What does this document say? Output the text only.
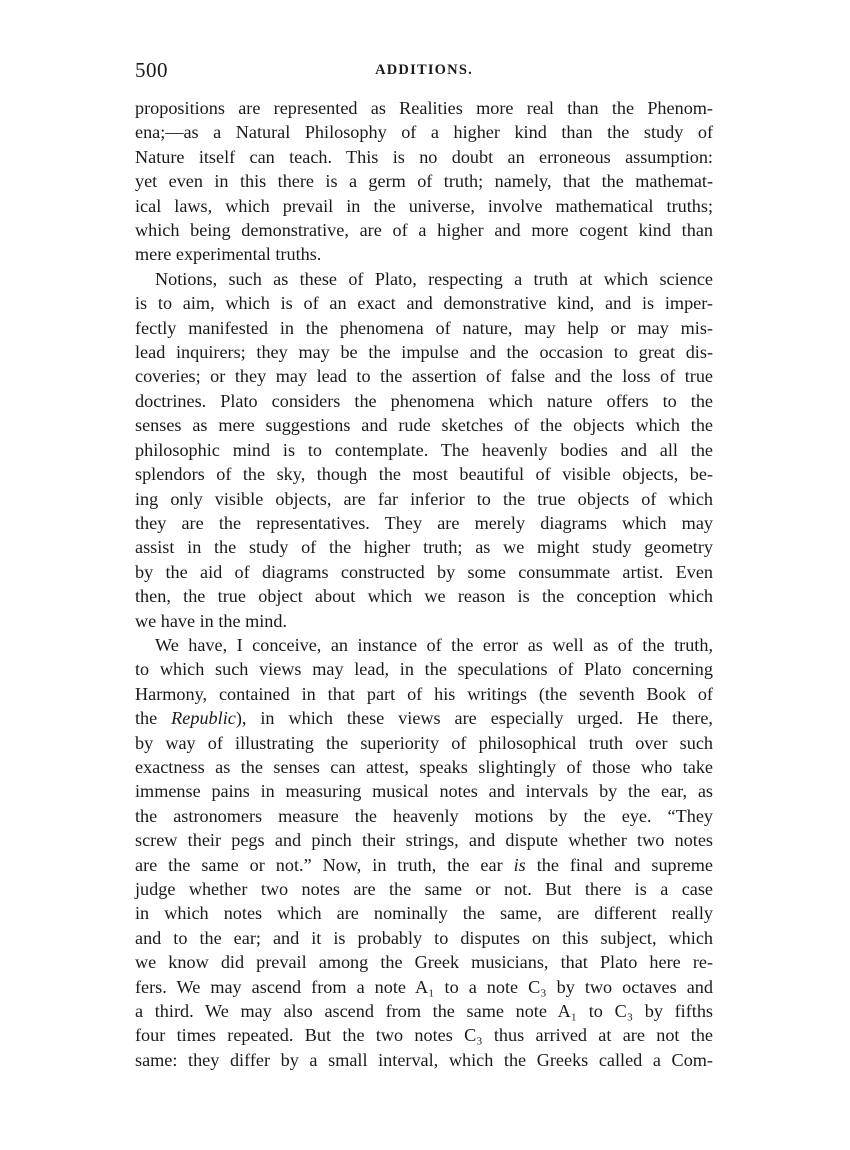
500	ADDITIONS.

propositions are represented as Realities more real than the Phenom-
ena;—as a Natural Philosophy of a higher kind than the study of
Nature itself can teach. This is no doubt an erroneous assumption:
yet even in this there is a germ of truth; namely, that the mathemat-
ical laws, which prevail in the universe, involve mathematical truths;
which being demonstrative, are of a higher and more cogent kind than
mere experimental truths.

Notions, such as these of Plato, respecting a truth at which science
is to aim, which is of an exact and demonstrative kind, and is imper-
fectly manifested in the phenomena of nature, may help or may mis-
lead inquirers; they may be the impulse and the occasion to great dis-
coveries; or they may lead to the assertion of false and the loss of true
doctrines. Plato considers the phenomena which nature offers to the
senses as mere suggestions and rude sketches of the objects which the
philosophic mind is to contemplate. The heavenly bodies and all the
splendors of the sky, though the most beautiful of visible objects, be-
ing only visible objects, are far inferior to the true objects of which
they are the representatives. They are merely diagrams which may
assist in the study of the higher truth; as we might study geometry
by the aid of diagrams constructed by some consummate artist. Even
then, the true object about which we reason is the conception which
we have in the mind.

We have, I conceive, an instance of the error as well as of the truth,
to which such views may lead, in the speculations of Plato concerning
Harmony, contained in that part of his writings (the seventh Book of
the Republic), in which these views are especially urged. He there,
by way of illustrating the superiority of philosophical truth over such
exactness as the senses can attest, speaks slightingly of those who take
immense pains in measuring musical notes and intervals by the ear, as
the astronomers measure the heavenly motions by the eye. “They
screw their pegs and pinch their strings, and dispute whether two notes
are the same or not.” Now, in truth, the ear is the final and supreme
judge whether two notes are the same or not. But there is a case
in which notes which are nominally the same, are different really
and to the ear; and it is probably to disputes on this subject, which
we know did prevail among the Greek musicians, that Plato here re-
fers. We may ascend from a note A₁ to a note C₃ by two octaves and
a third. We may also ascend from the same note A₁ to C₃ by fifths
four times repeated. But the two notes C₃ thus arrived at are not the
same: they differ by a small interval, which the Greeks called a Com-
